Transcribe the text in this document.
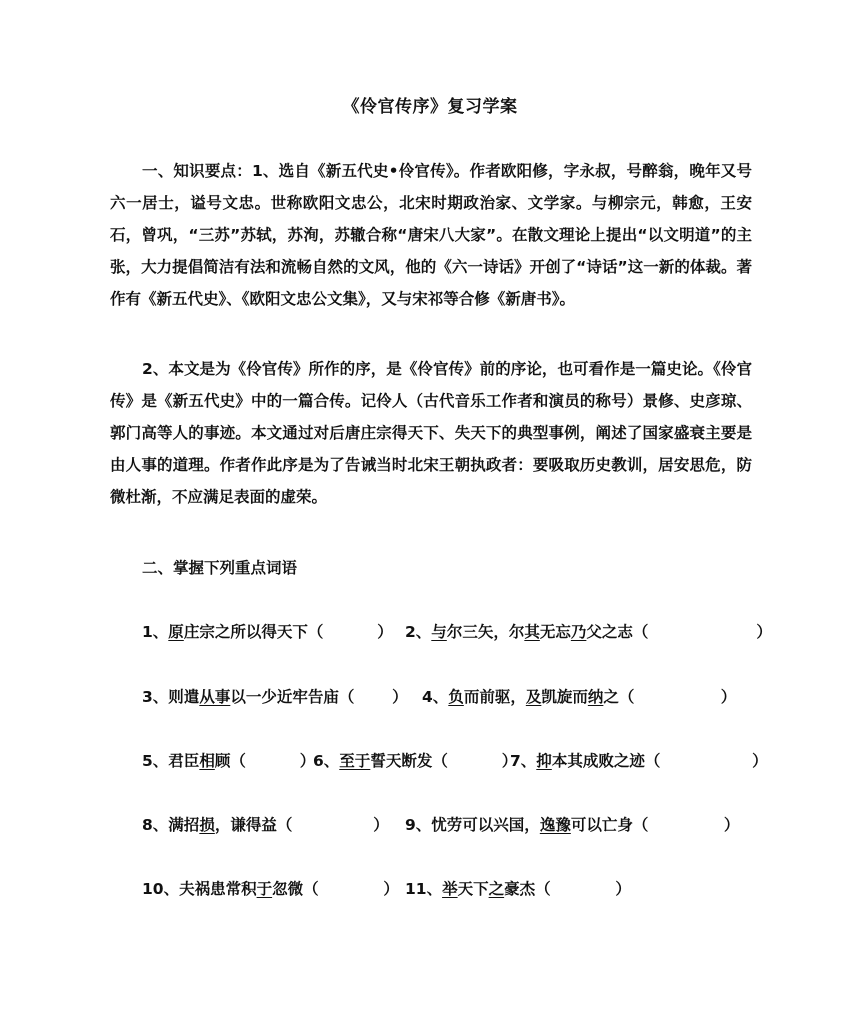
《伶官传序》复习学案

一、知识要点：1、选自《新五代史•伶官传》。作者欧阳修，字永叔，号醉翁，晚年又号六一居士，谥号文忠。世称欧阳文忠公，北宋时期政治家、文学家。与柳宗元，韩愈，王安石，曾巩，“三苏”苏轼，苏洵，苏辙合称“唐宋八大家”。在散文理论上提出“以文明道”的主张，大力提倡简洁有法和流畅自然的文风，他的《六一诗话》开创了“诗话”这一新的体裁。著作有《新五代史》、《欧阳文忠公文集》，又与宋祁等合修《新唐书》。

2、本文是为《伶官传》所作的序，是《伶官传》前的序论，也可看作是一篇史论。《伶官传》是《新五代史》中的一篇合传。记伶人（古代音乐工作者和演员的称号）景修、史彦琼、郭门高等人的事迹。本文通过对后唐庄宗得天下、失天下的典型事例，阐述了国家盛衰主要是由人事的道理。作者作此序是为了告诫当时北宋王朝执政者：要吸取历史教训，居安思危，防微杜渐，不应满足表面的虚荣。

二、掌握下列重点词语
1、原庄宗之所以得天下（          ） 2、与尔三矢，尔其无忘乃父之志（                    ）
3、则遣从事以一少近牢告庙（       ） 4、负而前驱，及凯旋而纳之（                ）
5、君臣相顾（          ）
6、至于誓天断发（          ）
7、抑本其成败之迹（                 ）
8、满招损，谦得益（               ） 9、忧劳可以兴国，逸豫可以亡身（              ）
10、夫祸患常积于忽微（            ） 11、举天下之豪杰（            ）
